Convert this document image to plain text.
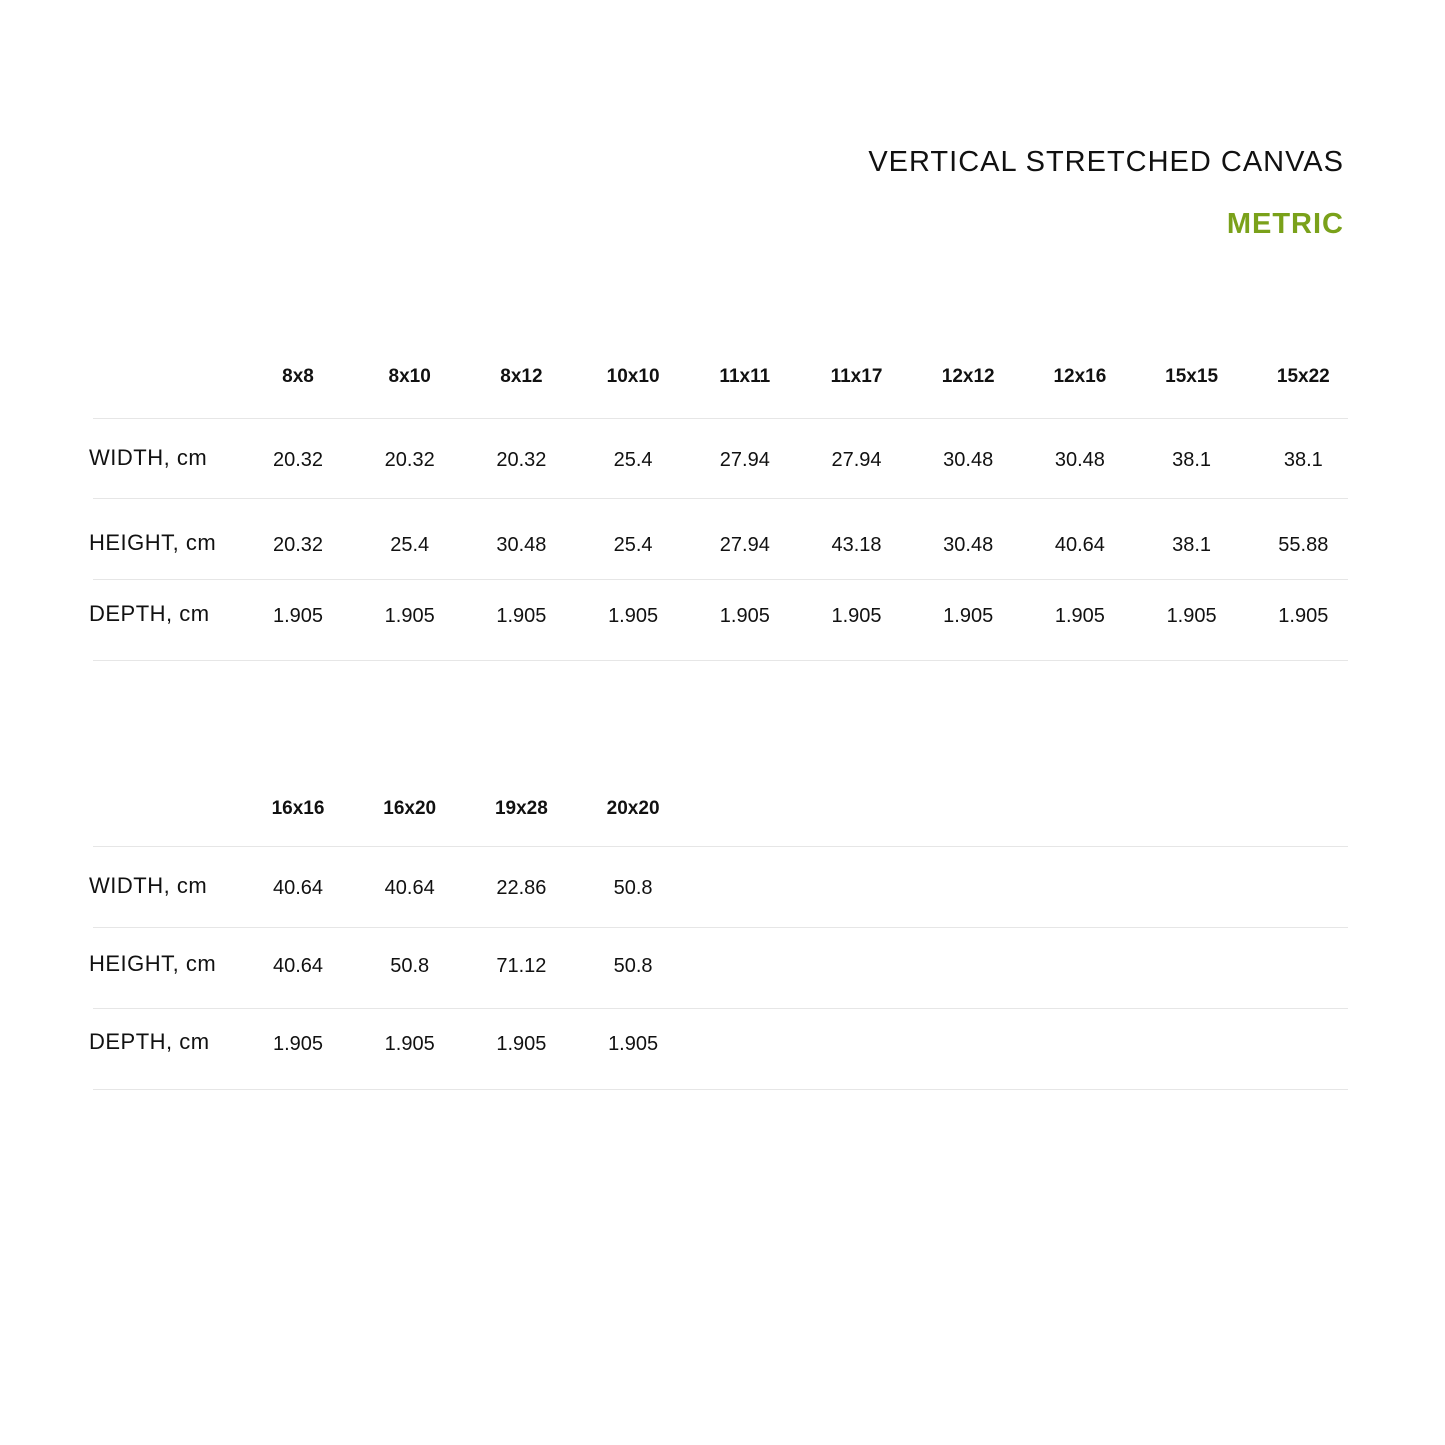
VERTICAL STRETCHED CANVAS
METRIC
8x8	8x10	8x12	10x10	11x11	11x17	12x12	12x16	15x15	15x22
WIDTH, cm	20.32	20.32	20.32	25.4	27.94	27.94	30.48	30.48	38.1	38.1
HEIGHT, cm	20.32	25.4	30.48	25.4	27.94	43.18	30.48	40.64	38.1	55.88
DEPTH, cm	1.905	1.905	1.905	1.905	1.905	1.905	1.905	1.905	1.905	1.905
16x16	16x20	19x28	20x20
WIDTH, cm	40.64	40.64	22.86	50.8
HEIGHT, cm	40.64	50.8	71.12	50.8
DEPTH, cm	1.905	1.905	1.905	1.905
